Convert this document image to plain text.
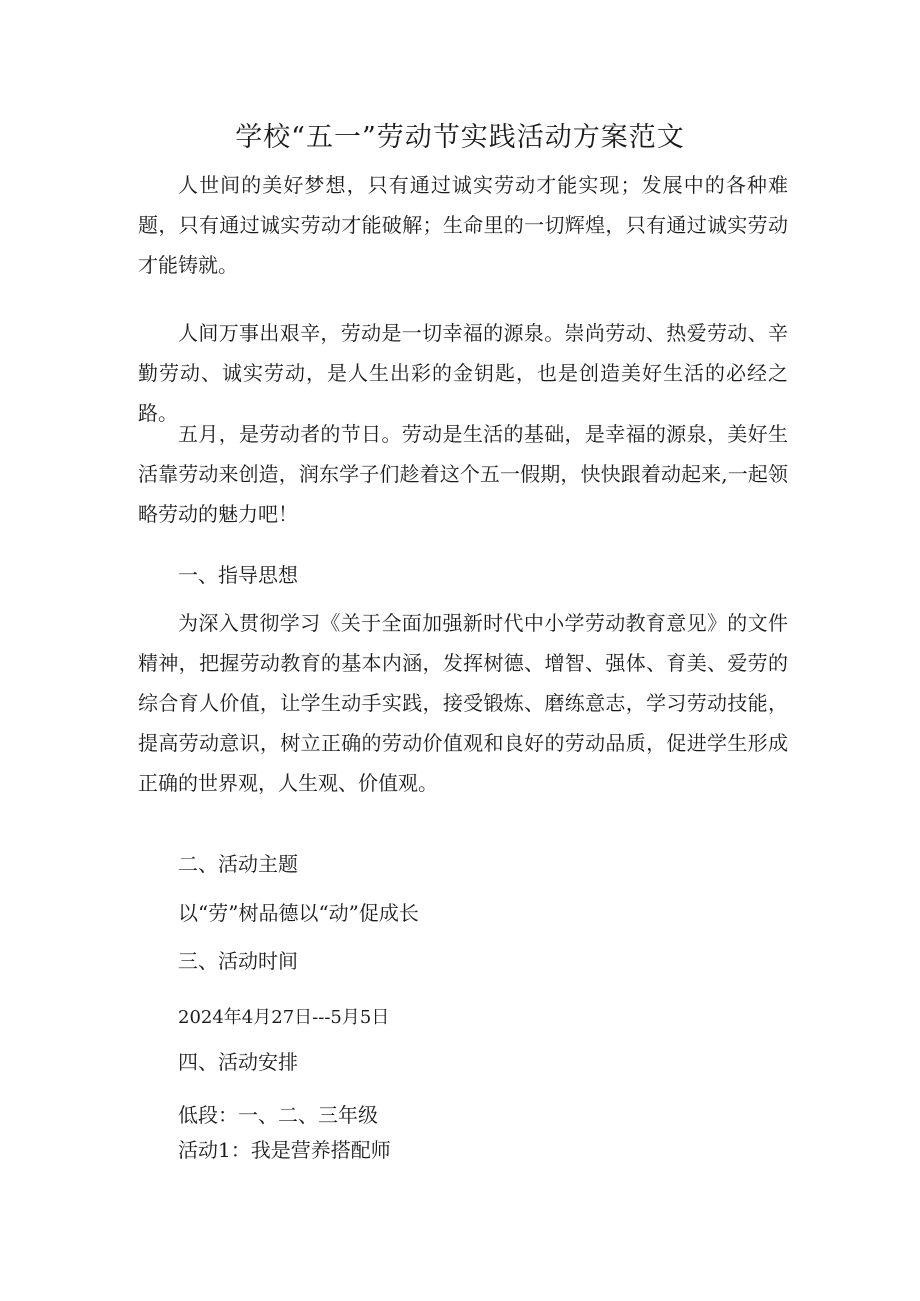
学校“五一”劳动节实践活动方案范文

人世间的美好梦想，只有通过诚实劳动才能实现；发展中的各种难题，只有通过诚实劳动才能破解；生命里的一切辉煌，只有通过诚实劳动才能铸就。

人间万事出艰辛，劳动是一切幸福的源泉。崇尚劳动、热爱劳动、辛勤劳动、诚实劳动，是人生出彩的金钥匙，也是创造美好生活的必经之路。

五月，是劳动者的节日。劳动是生活的基础，是幸福的源泉，美好生活靠劳动来创造，润东学子们趁着这个五一假期，快快跟着动起来,一起领略劳动的魅力吧！

一、指导思想

为深入贯彻学习《关于全面加强新时代中小学劳动教育意见》的文件精神，把握劳动教育的基本内涵，发挥树德、增智、强体、育美、爱劳的综合育人价值，让学生动手实践，接受锻炼、磨练意志，学习劳动技能，提高劳动意识，树立正确的劳动价值观和良好的劳动品质，促进学生形成正确的世界观，人生观、价值观。

二、活动主题

以“劳”树品德以“动”促成长

三、活动时间

2024年4月27日---5月5日

四、活动安排

低段：一、二、三年级

活动1：我是营养搭配师
